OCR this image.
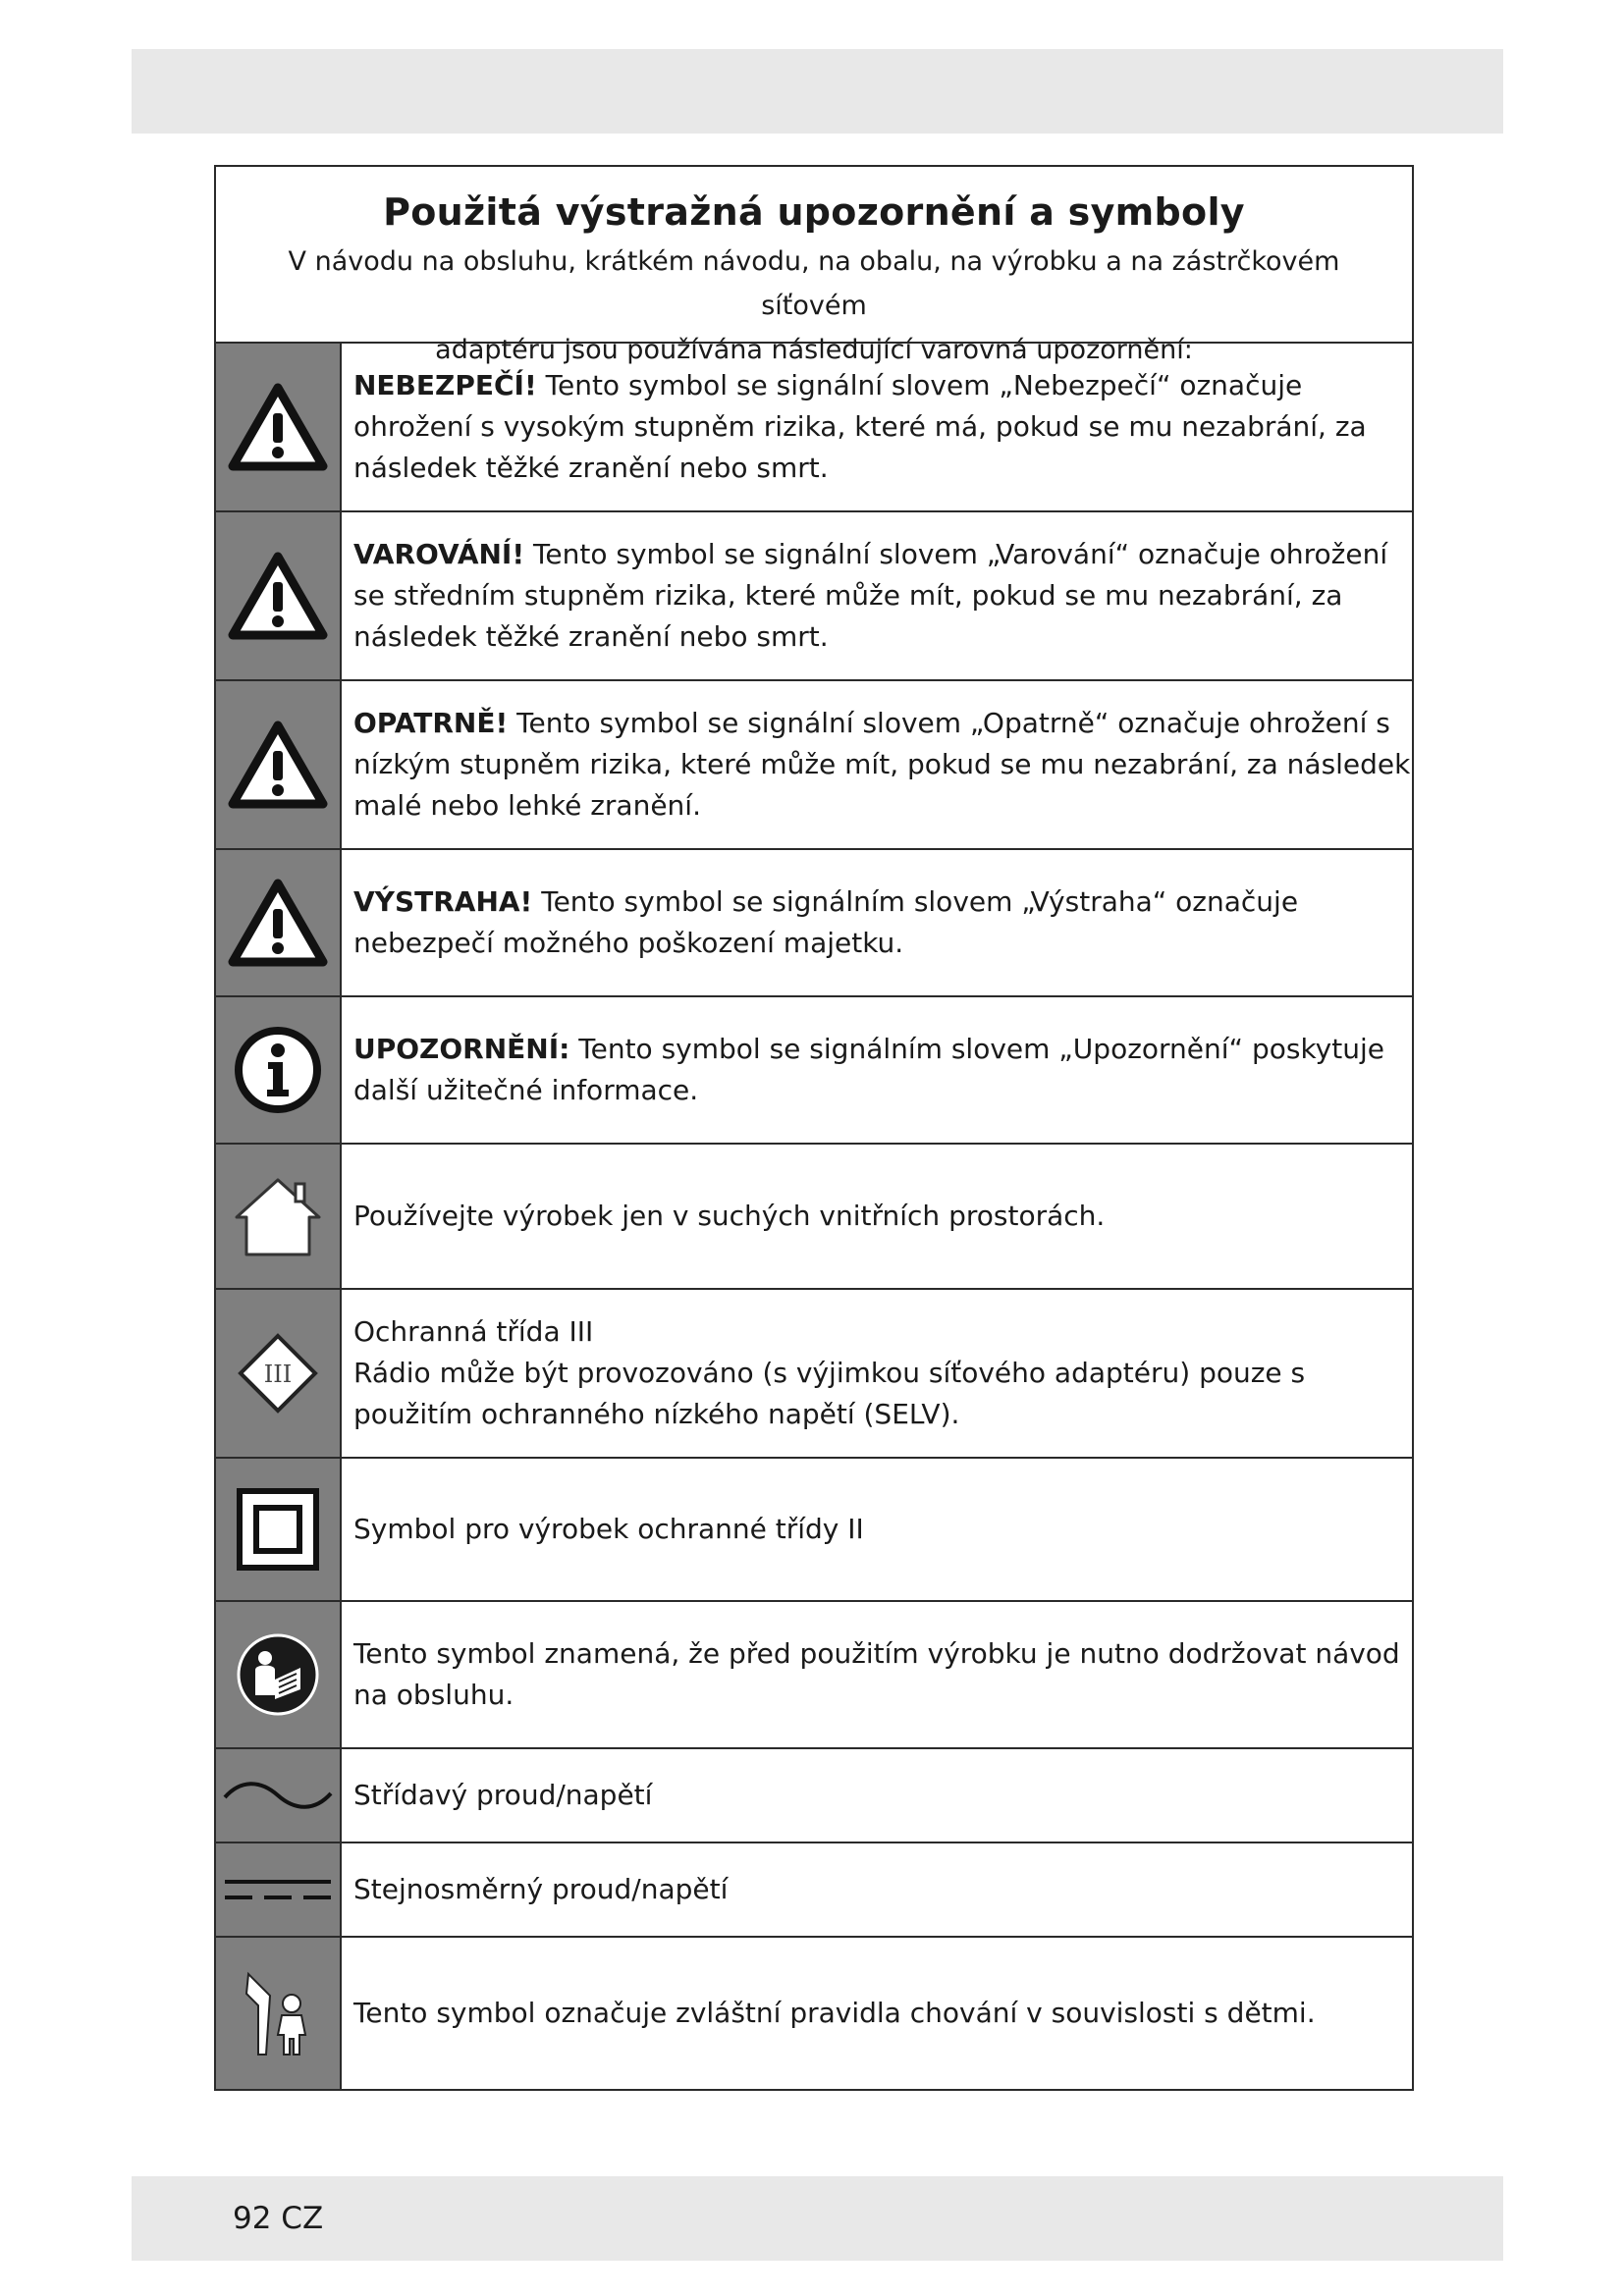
Použitá výstražná upozornění a symboly
V návodu na obsluhu, krátkém návodu, na obalu, na výrobku a na zástrčkovém síťovém
adaptéru jsou používána následující varovná upozornění:
NEBEZPEČÍ! Tento symbol se signální slovem „Nebezpečí“ označuje ohrožení s vysokým stupněm rizika, které má, pokud se mu nezabrání, za následek těžké zranění nebo smrt.
VAROVÁNÍ! Tento symbol se signální slovem „Varování“ označuje ohrožení se středním stupněm rizika, které může mít, pokud se mu nezabrání, za následek těžké zranění nebo smrt.
OPATRNĚ! Tento symbol se signální slovem „Opatrně“ označuje ohrožení s nízkým stupněm rizika, které může mít, pokud se mu nezabrání, za následek malé nebo lehké zranění.
VÝSTRAHA! Tento symbol se signálním slovem „Výstraha“ označuje nebezpečí možného poškození majetku.
UPOZORNĚNÍ: Tento symbol se signálním slovem „Upozornění“ poskytuje další užitečné informace.
Používejte výrobek jen v suchých vnitřních prostorách.
III
Ochranná třída III
Rádio může být provozováno (s výjimkou síťového adaptéru) pouze s použitím ochranného nízkého napětí (SELV).
Symbol pro výrobek ochranné třídy II
Tento symbol znamená, že před použitím výrobku je nutno dodržovat návod na obsluhu.
Střídavý proud/napětí
Stejnosměrný proud/napětí
Tento symbol označuje zvláštní pravidla chování v souvislosti s dětmi.
92 CZ
